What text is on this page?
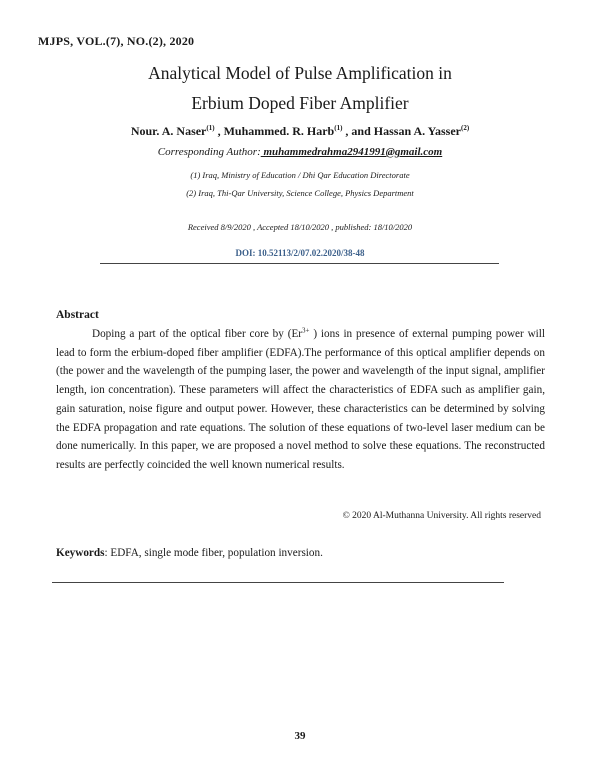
MJPS, VOL.(7), NO.(2), 2020
Analytical Model of Pulse Amplification in
Erbium Doped Fiber Amplifier
Nour. A. Naser$^{(1)}$ , Muhammed. R. Harb$^{(1)}$ , and Hassan A. Yasser$^{(2)}$
Corresponding Author: muhammedrahma2941991@gmail.com
(1) Iraq, Ministry of Education / Dhi Qar Education Directorate
(2) Iraq, Thi-Qar University, Science College, Physics Department
Received 8/9/2020 , Accepted 18/10/2020 , published: 18/10/2020
DOI: 10.52113/2/07.02.2020/38-48
Abstract

Doping a part of the optical fiber core by ($Er^{3+}$ ) ions in presence of external pumping power will lead to form the erbium-doped fiber amplifier (EDFA).The performance of this optical amplifier depends on (the power and the wavelength of the pumping laser, the power and wavelength of the input signal, amplifier length, ion concentration). These parameters will affect the characteristics of EDFA such as amplifier gain, gain saturation, noise figure and output power. However, these characteristics can be determined by solving the EDFA propagation and rate equations. The solution of these equations of two-level laser medium can be done numerically. In this paper, we are proposed a novel method to solve these equations. The reconstructed results are perfectly coincided the well known numerical results.

© 2020 Al-Muthanna University. All rights reserved
Keywords: EDFA, single mode fiber, population inversion.
39
